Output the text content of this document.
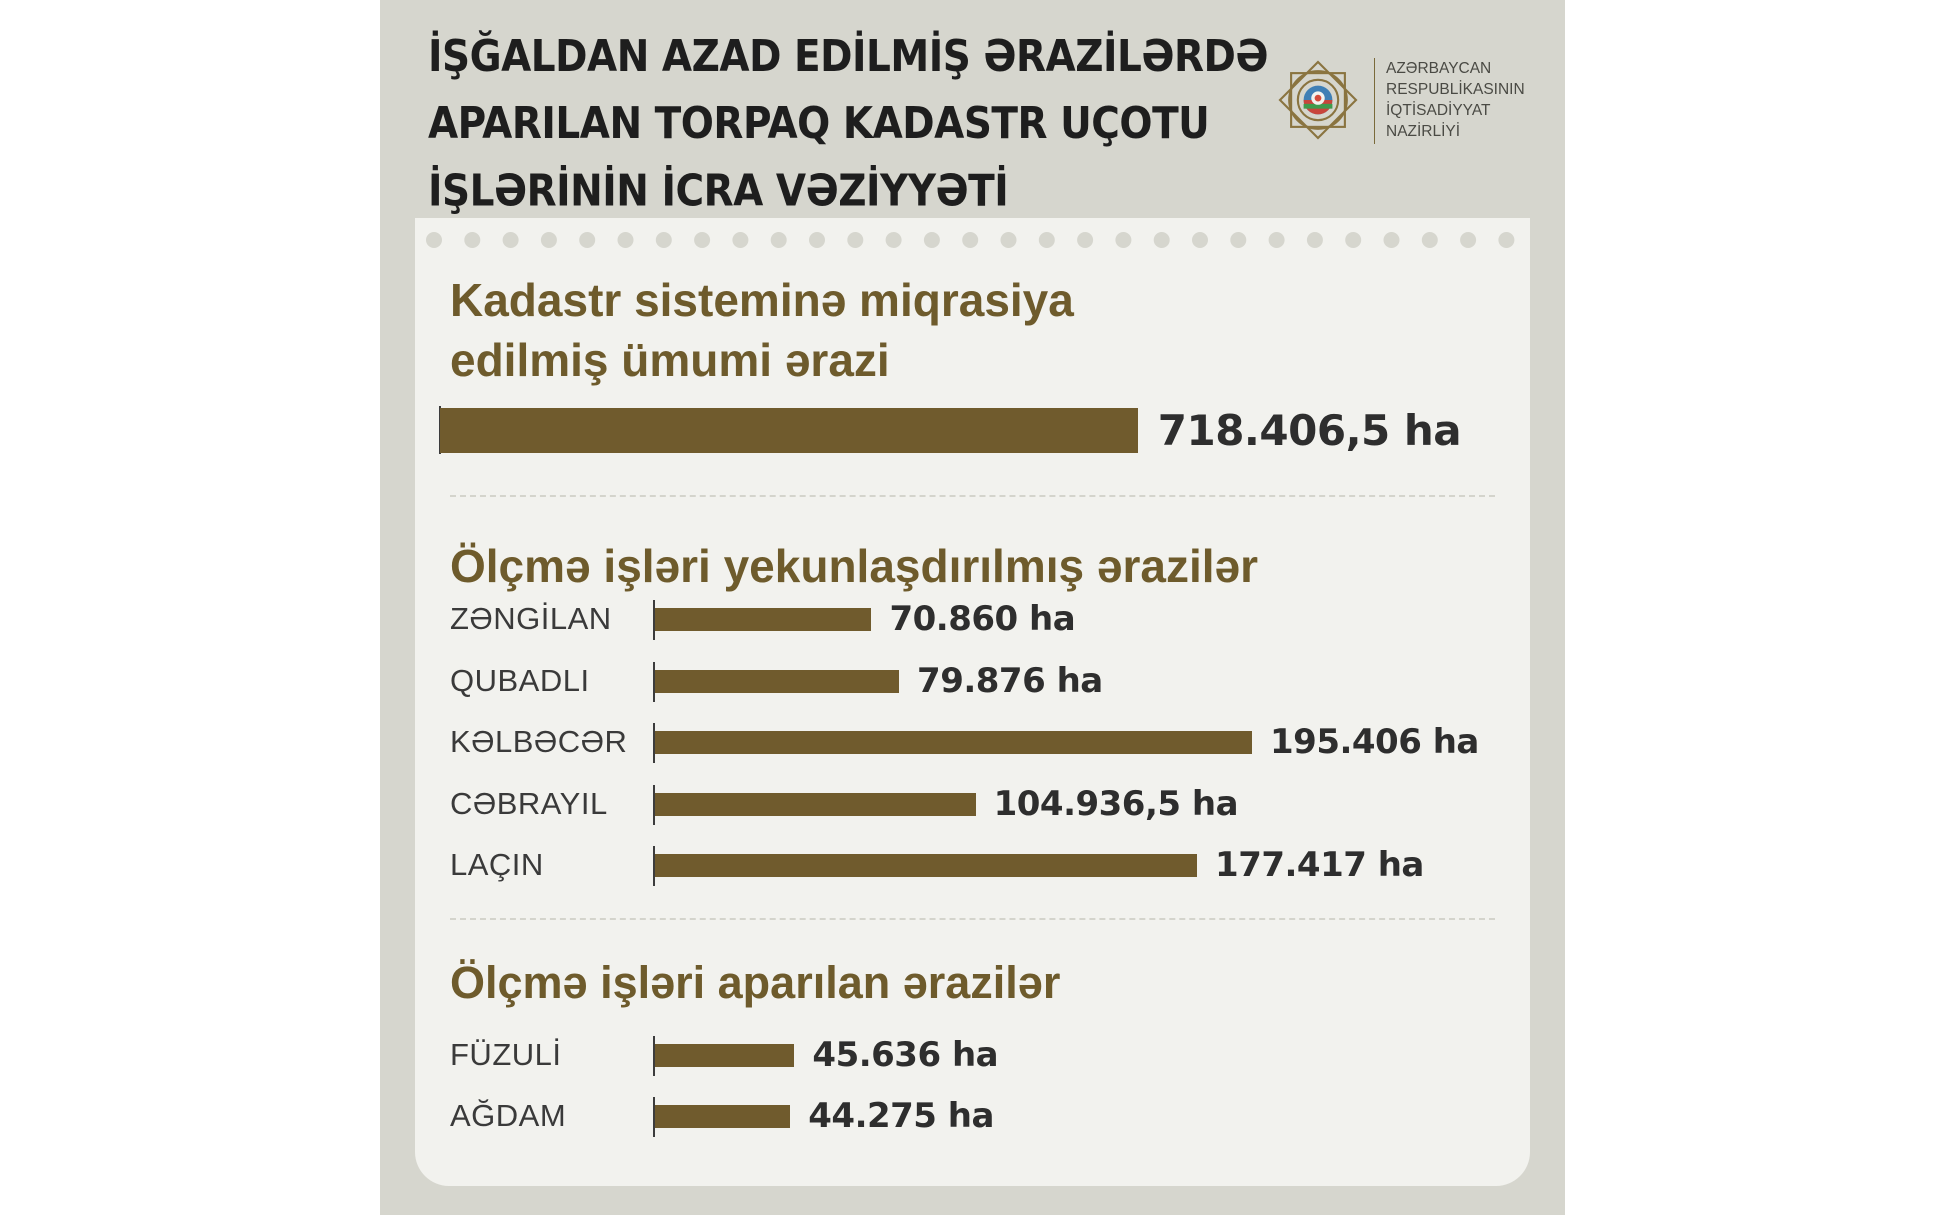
İŞĞALDAN AZAD EDİLMİŞ ƏRAZİLƏRDƏ
APARILAN TORPAQ KADASTR UÇOTU
İŞLƏRİNİN İCRA VƏZİYYƏTİ
AZƏRBAYCAN
RESPUBLİKASININ
İQTİSADİYYAT
NAZİRLİYİ
Kadastr sisteminə miqrasiya
edilmiş ümumi ərazi
718.406,5 ha
Ölçmə işləri yekunlaşdırılmış ərazilər
ZƏNGİLAN	70.860 ha
QUBADLI	79.876 ha
KƏLBƏCƏR	195.406 ha
CƏBRAYIL	104.936,5 ha
LAÇIN	177.417 ha
Ölçmə işləri aparılan ərazilər
FÜZULİ	45.636 ha
AĞDAM	44.275 ha
